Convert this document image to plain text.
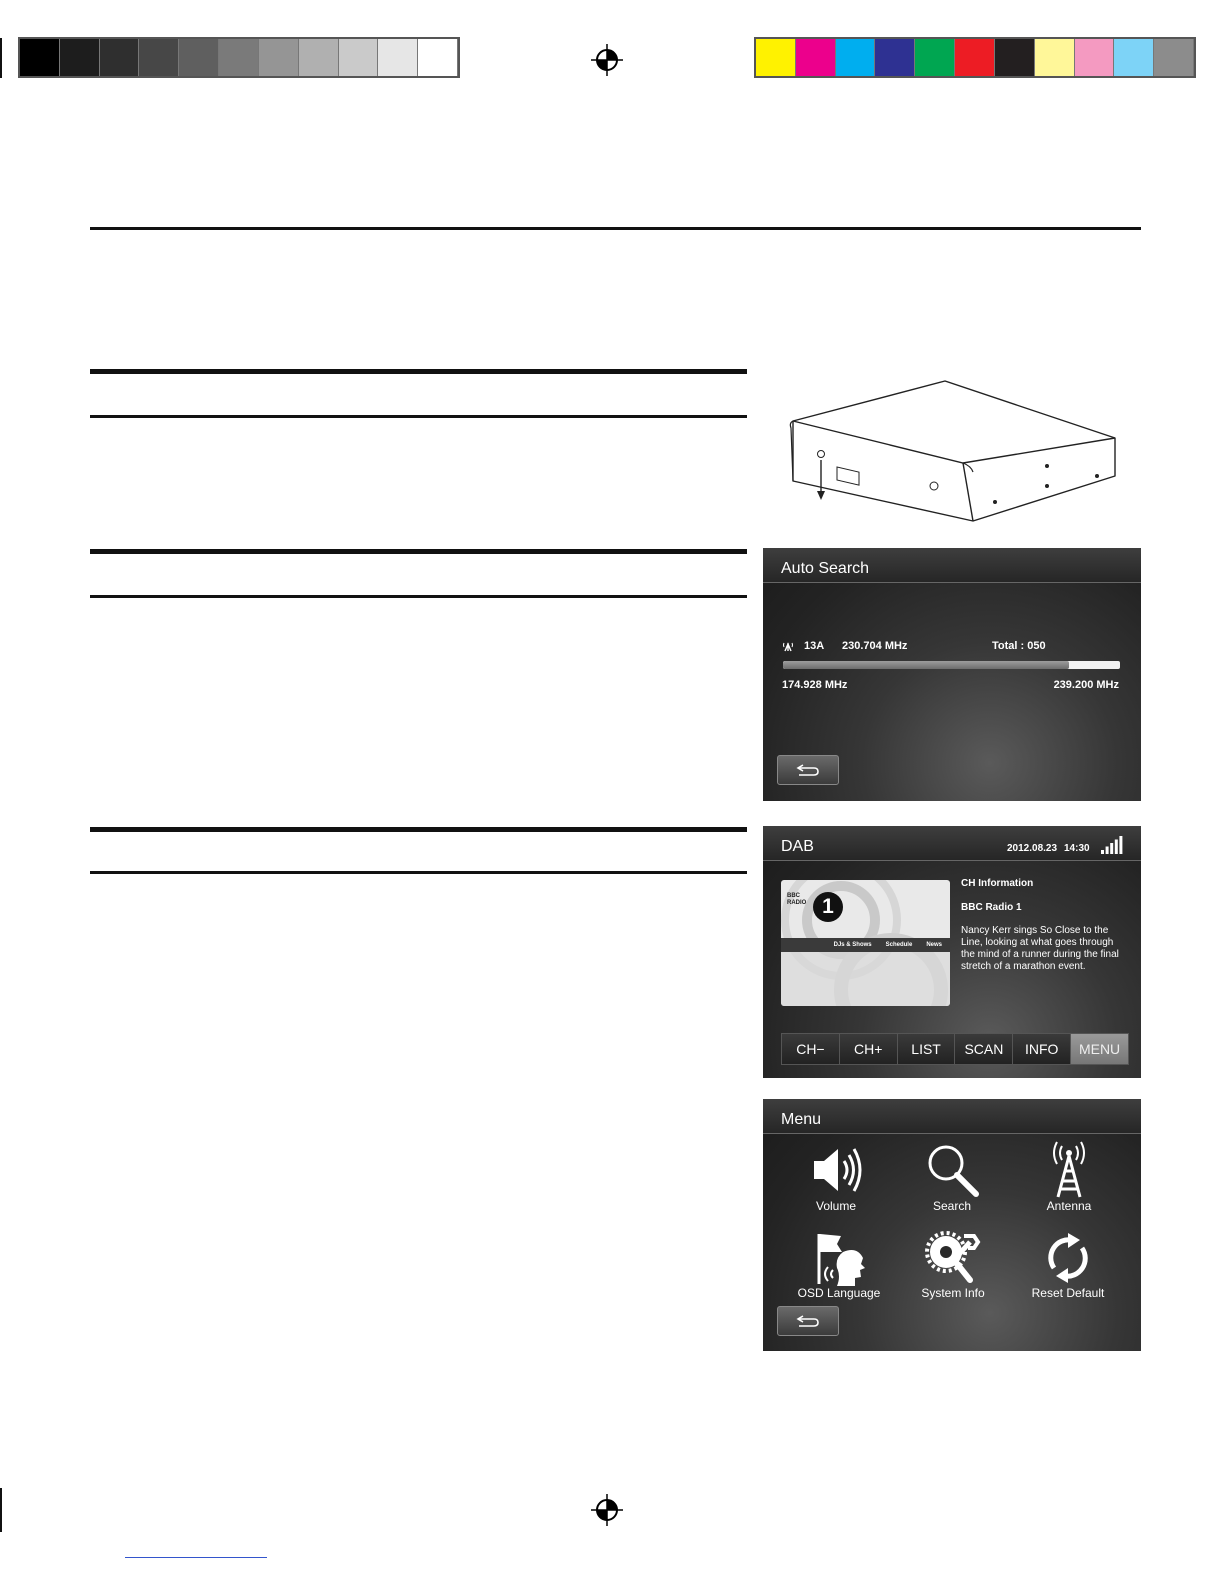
Auto Search
13A 230.704 MHz	Total : 050
174.928 MHz	239.200 MHz
DAB	2012.08.23 14:30
BBC RADIO 1
DJs & Shows Schedule News
CH Information
BBC Radio 1
Nancy Kerr sings So Close to the Line, looking at what goes through the mind of a runner during the final stretch of a marathon event.
CH−	CH+	LIST	SCAN	INFO	MENU
Menu
Volume	Search	Antenna
OSD Language	System Info	Reset Default
